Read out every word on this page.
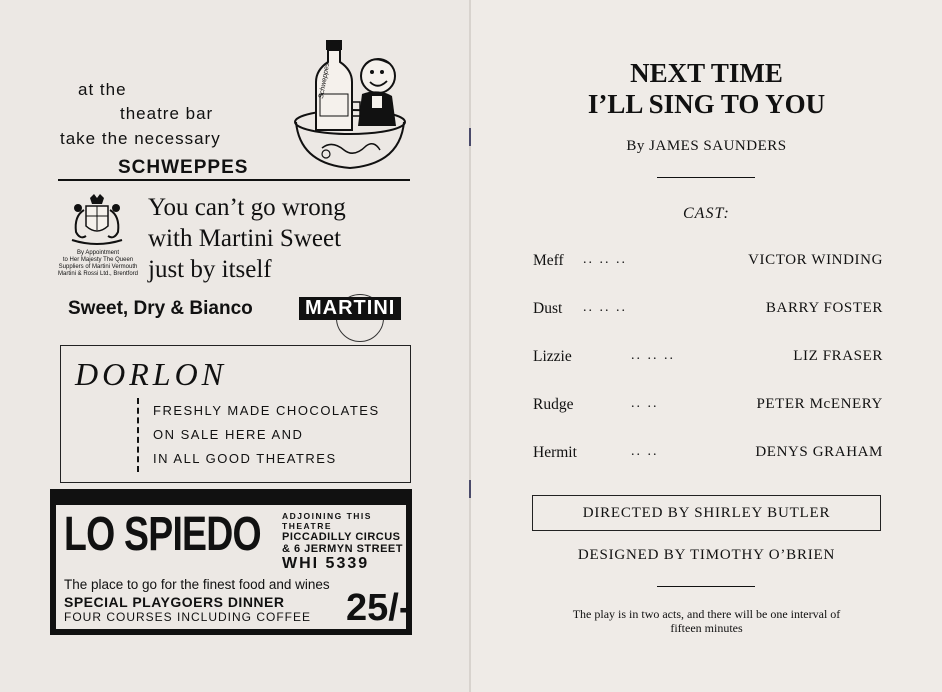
at the
theatre bar
take the necessary
SCHWEPPES
Schweppes
By Appointment
to Her Majesty The Queen
Suppliers of Martini Vermouth
Martini & Rossi Ltd., Brentford
You can’t go wrong
with Martini Sweet
just by itself
Sweet, Dry & Bianco	MARTINI
DORLON
FRESHLY MADE CHOCOLATES
ON SALE HERE AND
IN ALL GOOD THEATRES
LO SPIEDO ADJOINING THIS THEATRE
PICCADILLY CIRCUS
& 6 JERMYN STREET
WHI 5339
The place to go for the finest food and wines
SPECIAL PLAYGOERS DINNER
FOUR COURSES INCLUDING COFFEE 25/-
NEXT TIME
I’LL SING TO YOU
By JAMES SAUNDERS
CAST:
Meff .. .. ..	VICTOR WINDING
Dust .. .. ..	BARRY FOSTER
Lizzie	.. .. ..	LIZ FRASER
Rudge	.. ..	PETER McENERY
Hermit	.. ..	DENYS GRAHAM
DIRECTED BY SHIRLEY BUTLER
DESIGNED BY TIMOTHY O’BRIEN
The play is in two acts, and there will be one interval of
fifteen minutes
